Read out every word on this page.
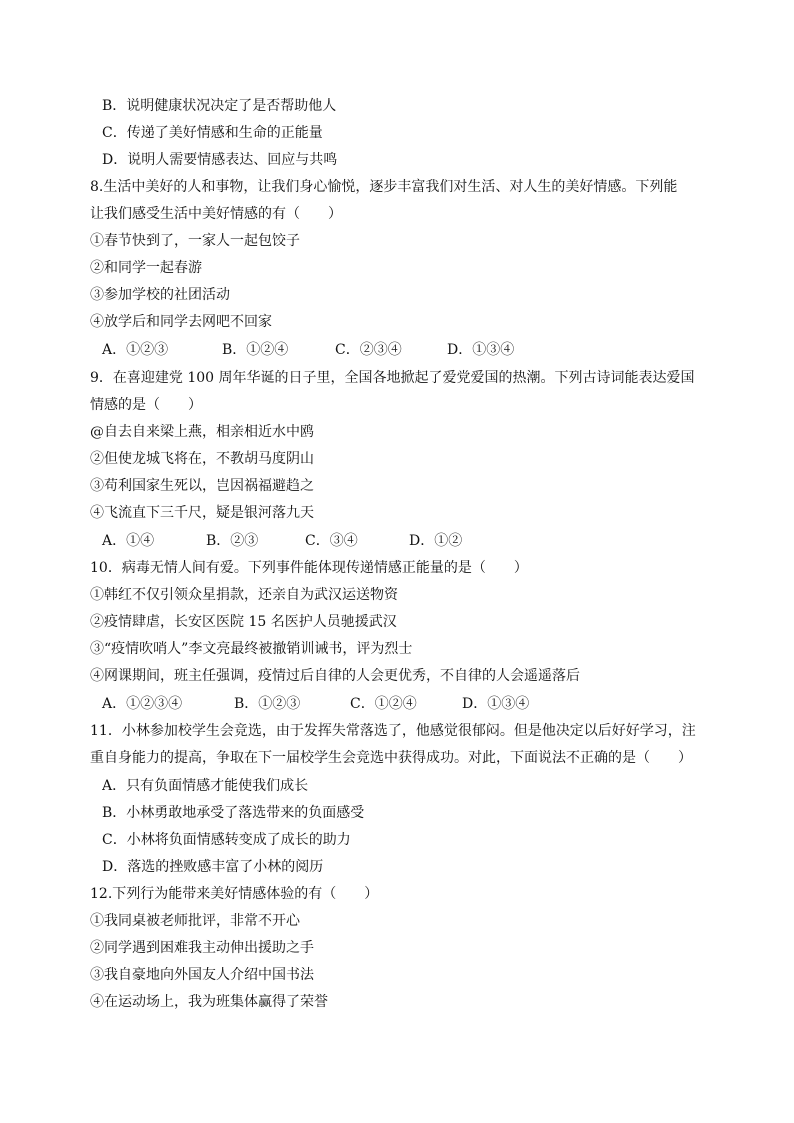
B．说明健康状况决定了是否帮助他人
C．传递了美好情感和生命的正能量
D．说明人需要情感表达、回应与共鸣
8.生活中美好的人和事物，让我们身心愉悦，逐步丰富我们对生活、对人生的美好情感。下列能
让我们感受生活中美好情感的有（　　）
①春节快到了，一家人一起包饺子
②和同学一起春游
③参加学校的社团活动
④放学后和同学去网吧不回家
A．①②③	B．①②④	C．②③④	D．①③④
9．在喜迎建党 100 周年华诞的日子里，全国各地掀起了爱党爱国的热潮。下列古诗词能表达爱国
情感的是（　　）
@自去自来梁上燕，相亲相近水中鸥
②但使龙城飞将在，不教胡马度阴山
③苟利国家生死以，岂因祸福避趋之
④飞流直下三千尺，疑是银河落九天
A．①④	B．②③	C．③④	D．①②
10．病毒无情人间有爱。下列事件能体现传递情感正能量的是（　　）
①韩红不仅引领众星捐款，还亲自为武汉运送物资
②疫情肆虐，长安区医院 15 名医护人员驰援武汉
③“疫情吹哨人”李文亮最终被撤销训诫书，评为烈士
④网课期间，班主任强调，疫情过后自律的人会更优秀，不自律的人会遥遥落后
A．①②③④	B．①②③	C．①②④	D．①③④
11．小林参加校学生会竞选，由于发挥失常落选了，他感觉很郁闷。但是他决定以后好好学习，注
重自身能力的提高，争取在下一届校学生会竞选中获得成功。对此，下面说法不正确的是（　　）
A．只有负面情感才能使我们成长
B．小林勇敢地承受了落选带来的负面感受
C．小林将负面情感转变成了成长的助力
D．落选的挫败感丰富了小林的阅历
12.下列行为能带来美好情感体验的有（　　）
①我同桌被老师批评，非常不开心
②同学遇到困难我主动伸出援助之手
③我自豪地向外国友人介绍中国书法
④在运动场上，我为班集体赢得了荣誉
